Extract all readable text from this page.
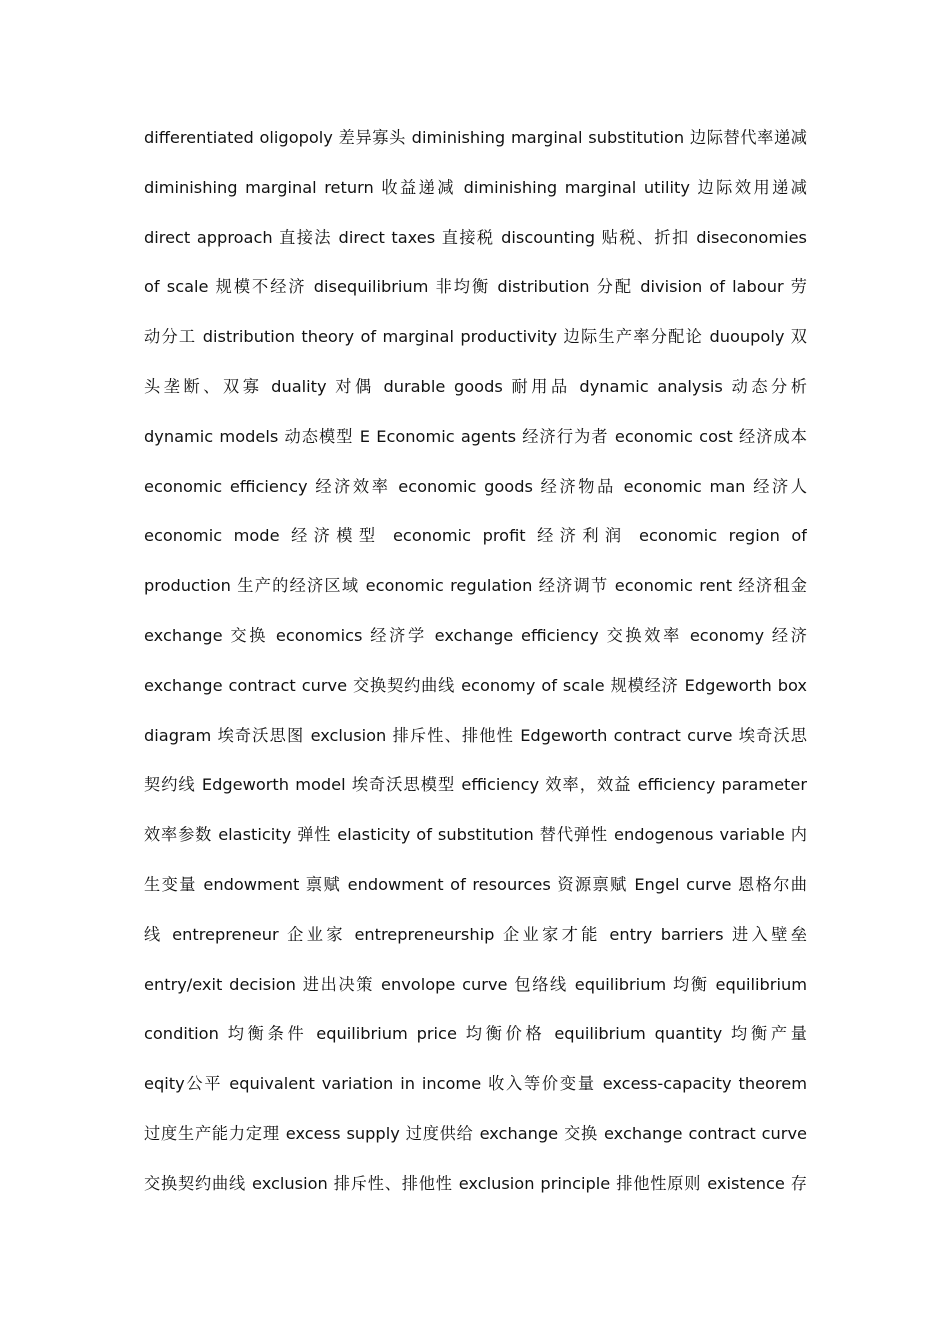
differentiated oligopoly 差异寡头 diminishing marginal substitution 边际替代率递减
diminishing marginal return 收益递减 diminishing marginal utility 边际效用递减
direct approach 直接法 direct taxes 直接税 discounting 贴税、折扣 diseconomies
of scale 规模不经济 disequilibrium 非均衡 distribution 分配 division of labour 劳
动分工 distribution theory of marginal productivity 边际生产率分配论 duoupoly 双
头垄断、双寡 duality 对偶 durable goods 耐用品 dynamic analysis 动态分析
dynamic models 动态模型 E Economic agents 经济行为者 economic cost 经济成本
economic efficiency 经济效率 economic goods 经济物品 economic man 经济人
economic mode 经济模型 economic profit 经济利润 economic region of
production 生产的经济区域 economic regulation 经济调节 economic rent 经济租金
exchange 交换 economics 经济学 exchange efficiency 交换效率 economy 经济
exchange contract curve 交换契约曲线 economy of scale 规模经济 Edgeworth box
diagram 埃奇沃思图 exclusion 排斥性、排他性 Edgeworth contract curve 埃奇沃思
契约线 Edgeworth model 埃奇沃思模型 efficiency 效率，效益 efficiency parameter
效率参数 elasticity 弹性 elasticity of substitution 替代弹性 endogenous variable 内
生变量 endowment 禀赋 endowment of resources 资源禀赋 Engel curve 恩格尔曲
线 entrepreneur 企业家 entrepreneurship 企业家才能 entry barriers 进入壁垒
entry/exit decision 进出决策 envolope curve 包络线 equilibrium 均衡 equilibrium
condition 均衡条件 equilibrium price 均衡价格 equilibrium quantity 均衡产量
eqity公平 equivalent variation in income 收入等价变量 excess-capacity theorem
过度生产能力定理 excess supply 过度供给 exchange 交换 exchange contract curve
交换契约曲线 exclusion 排斥性、排他性 exclusion principle 排他性原则 existence 存
